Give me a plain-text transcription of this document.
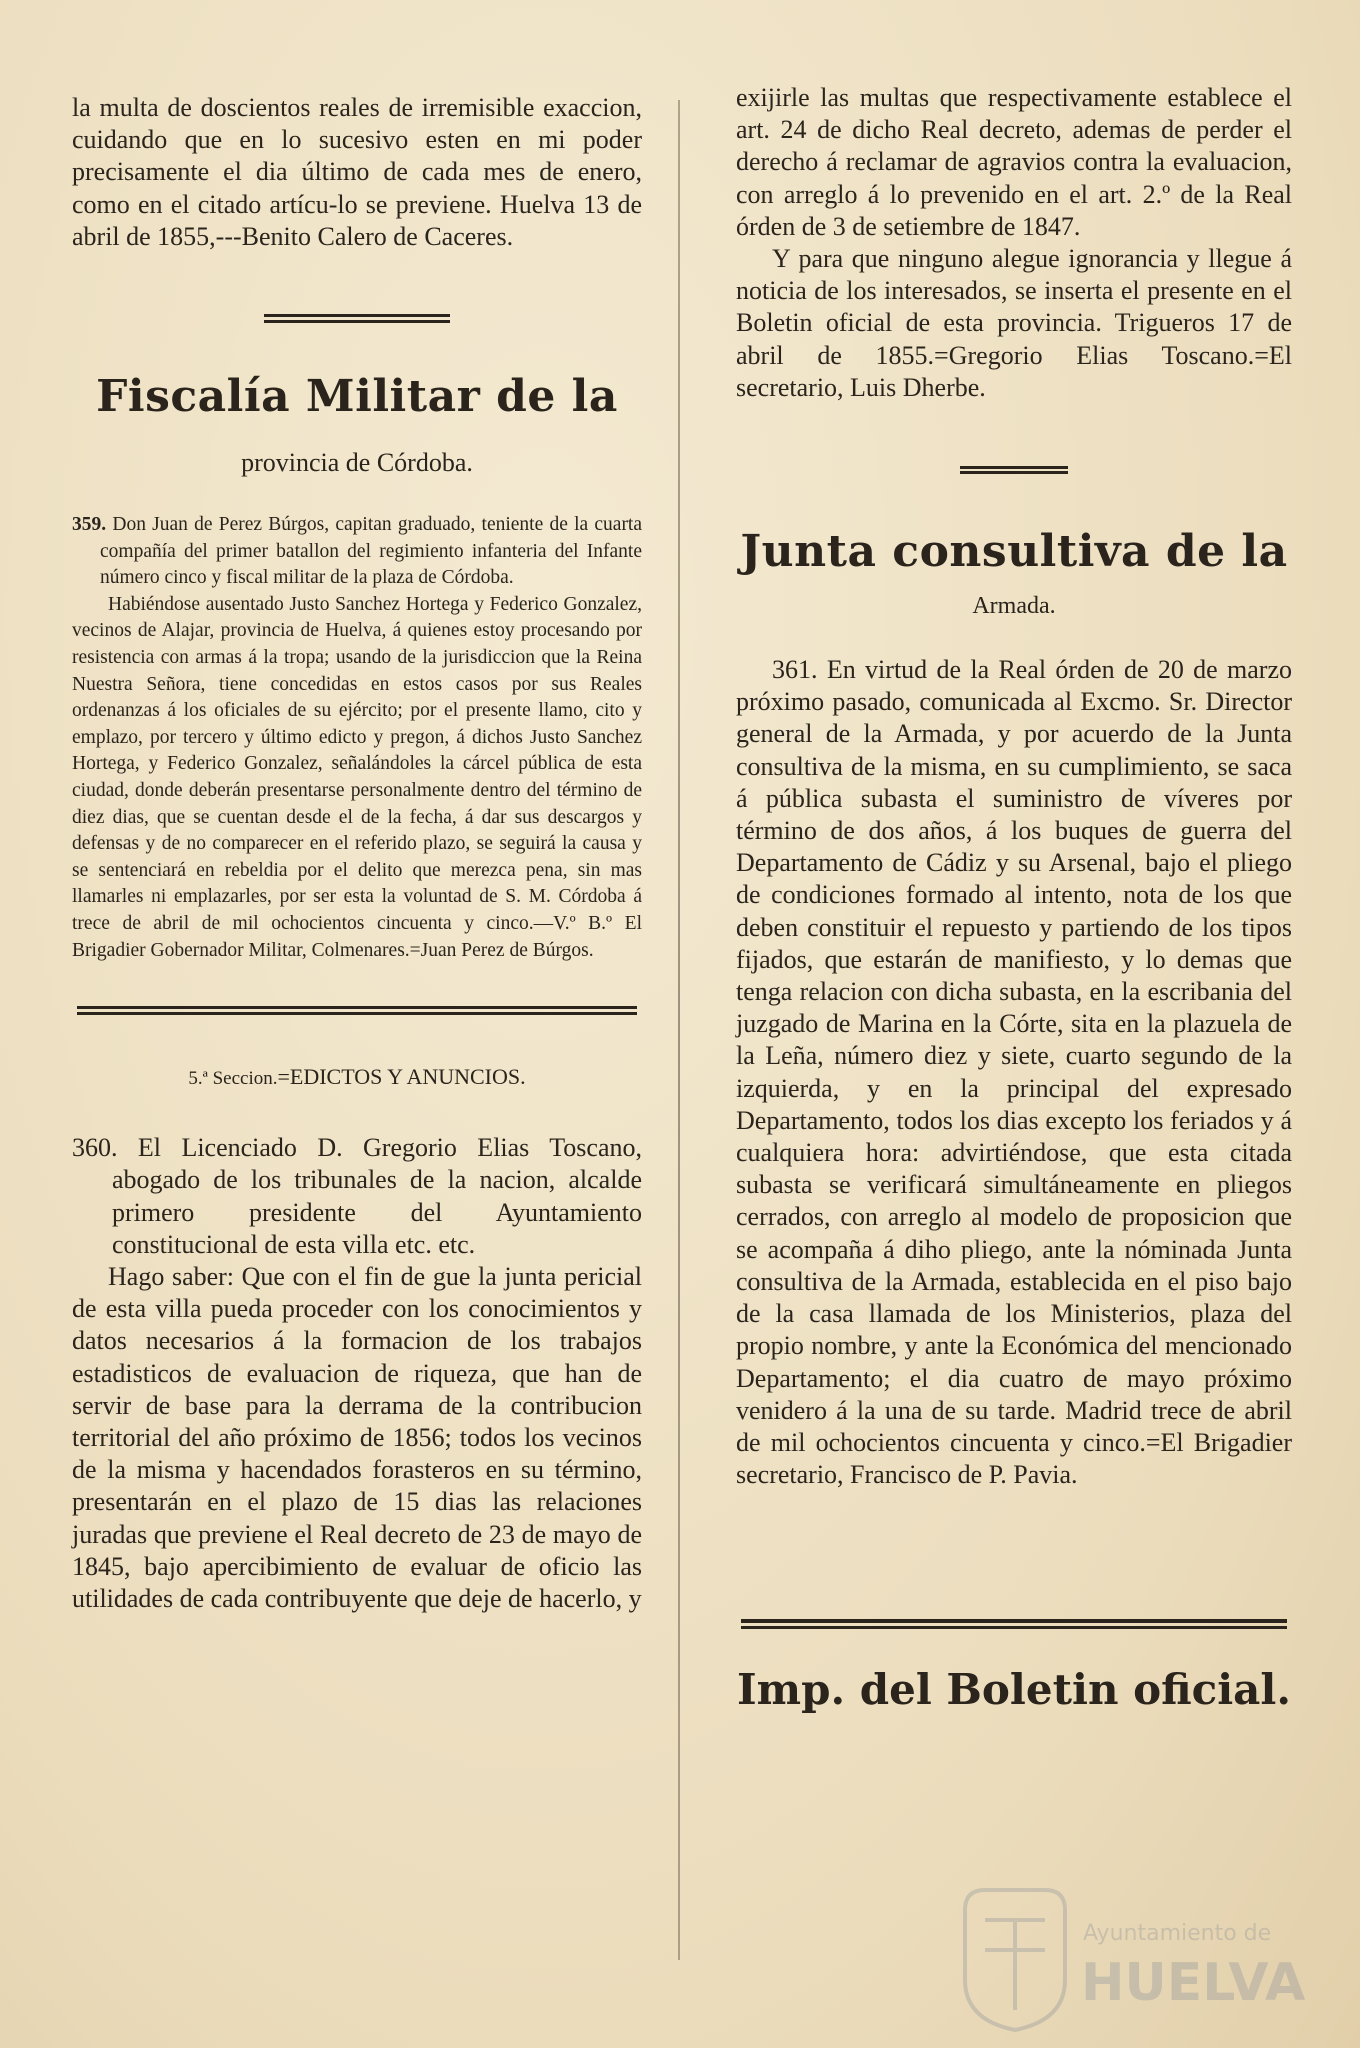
la multa de doscientos reales de irremisible exaccion, cuidando que en lo sucesivo esten en mi poder precisamente el dia último de cada mes de enero, como en el citado artícu-lo se previene. Huelva 13 de abril de 1855,---Benito Calero de Caceres.

Fiscalía Militar de la

provincia de Córdoba.

359. Don Juan de Perez Búrgos, capitan graduado, teniente de la cuarta compañía del primer batallon del regimiento infanteria del Infante número cinco y fiscal militar de la plaza de Córdoba.

Habiéndose ausentado Justo Sanchez Hortega y Federico Gonzalez, vecinos de Alajar, provincia de Huelva, á quienes estoy procesando por resistencia con armas á la tropa; usando de la jurisdiccion que la Reina Nuestra Señora, tiene concedidas en estos casos por sus Reales ordenanzas á los oficiales de su ejército; por el presente llamo, cito y emplazo, por tercero y último edicto y pregon, á dichos Justo Sanchez Hortega, y Federico Gonzalez, señalándoles la cárcel pública de esta ciudad, donde deberán presentarse personalmente dentro del término de diez dias, que se cuentan desde el de la fecha, á dar sus descargos y defensas y de no comparecer en el referido plazo, se seguirá la causa y se sentenciará en rebeldia por el delito que merezca pena, sin mas llamarles ni emplazarles, por ser esta la voluntad de S. M. Córdoba á trece de abril de mil ochocientos cincuenta y cinco.—V.º B.º El Brigadier Gobernador Militar, Colmenares.=Juan Perez de Búrgos.

5.ª Seccion.=EDICTOS Y ANUNCIOS.

360. El Licenciado D. Gregorio Elias Toscano, abogado de los tribunales de la nacion, alcalde primero presidente del Ayuntamiento constitucional de esta villa etc. etc.

Hago saber: Que con el fin de gue la junta pericial de esta villa pueda proceder con los conocimientos y datos necesarios á la formacion de los trabajos estadisticos de evaluacion de riqueza, que han de servir de base para la derrama de la contribucion territorial del año próximo de 1856; todos los vecinos de la misma y hacendados forasteros en su término, presentarán en el plazo de 15 dias las relaciones juradas que previene el Real decreto de 23 de mayo de 1845, bajo apercibimiento de evaluar de oficio las utilidades de cada contribuyente que deje de hacerlo, y

exijirle las multas que respectivamente establece el art. 24 de dicho Real decreto, ademas de perder el derecho á reclamar de agravios contra la evaluacion, con arreglo á lo prevenido en el art. 2.º de la Real órden de 3 de setiembre de 1847.

Y para que ninguno alegue ignorancia y llegue á noticia de los interesados, se inserta el presente en el Boletin oficial de esta provincia. Trigueros 17 de abril de 1855.=Gregorio Elias Toscano.=El secretario, Luis Dherbe.

Junta consultiva de la

Armada.

361. En virtud de la Real órden de 20 de marzo próximo pasado, comunicada al Excmo. Sr. Director general de la Armada, y por acuerdo de la Junta consultiva de la misma, en su cumplimiento, se saca á pública subasta el suministro de víveres por término de dos años, á los buques de guerra del Departamento de Cádiz y su Arsenal, bajo el pliego de condiciones formado al intento, nota de los que deben constituir el repuesto y partiendo de los tipos fijados, que estarán de manifiesto, y lo demas que tenga relacion con dicha subasta, en la escribania del juzgado de Marina en la Córte, sita en la plazuela de la Leña, número diez y siete, cuarto segundo de la izquierda, y en la principal del expresado Departamento, todos los dias excepto los feriados y á cualquiera hora: advirtiéndose, que esta citada subasta se verificará simultáneamente en pliegos cerrados, con arreglo al modelo de proposicion que se acompaña á diho pliego, ante la nóminada Junta consultiva de la Armada, establecida en el piso bajo de la casa llamada de los Ministerios, plaza del propio nombre, y ante la Económica del mencionado Departamento; el dia cuatro de mayo próximo venidero á la una de su tarde. Madrid trece de abril de mil ochocientos cincuenta y cinco.=El Brigadier secretario, Francisco de P. Pavia.

Imp. del Boletin oficial.

Ayuntamiento de
HUELVA
